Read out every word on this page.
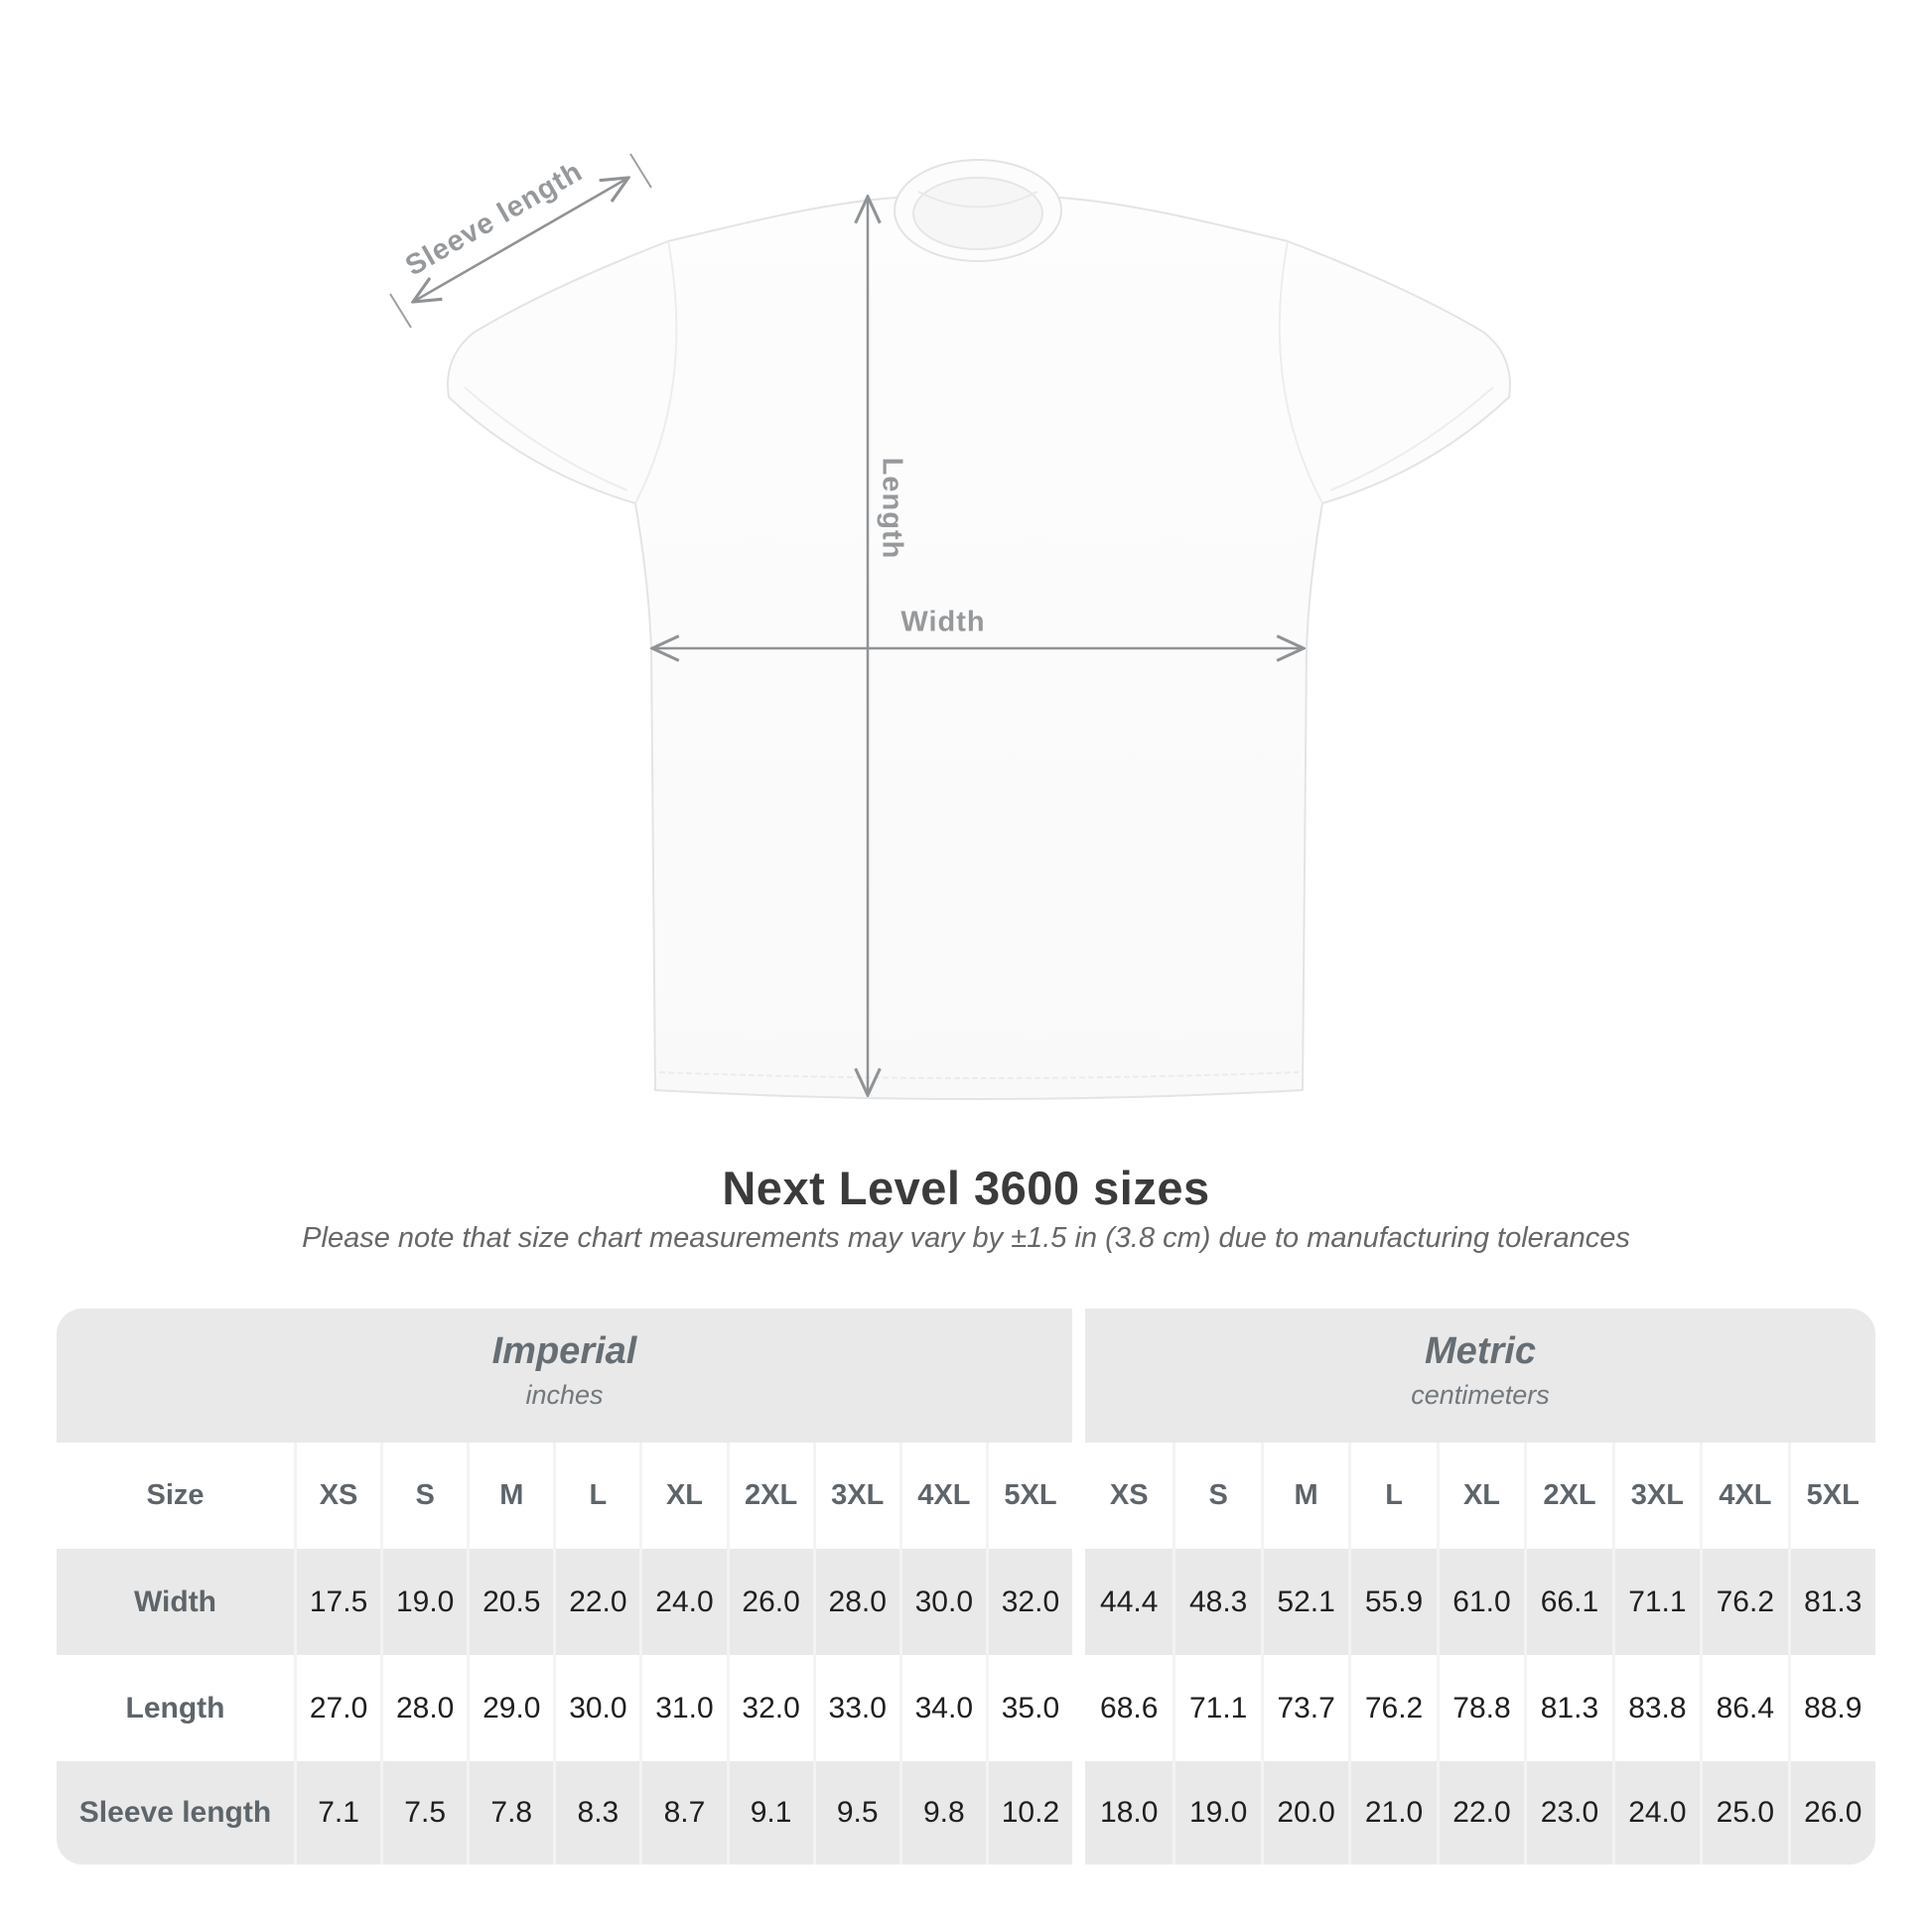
Sleeve length
Length
Width
Next Level 3600 sizes
Please note that size chart measurements may vary by ±1.5 in (3.8 cm) due to manufacturing tolerances
Imperial
inches
Size	XS	S	M	L	XL	2XL	3XL	4XL	5XL
Width	17.5 19.0 20.5 22.0 24.0 26.0 28.0 30.0 32.0
Length	27.0 28.0 29.0 30.0 31.0 32.0 33.0 34.0 35.0
Sleeve length	7.1	7.5	7.8	8.3	8.7	9.1	9.5	9.8	10.2
Metric
centimeters
XS	S	M	L	XL	2XL	3XL	4XL	5XL
44.4	48.3	52.1	55.9	61.0	66.1	71.1	76.2	81.3
68.6	71.1	73.7	76.2	78.8	81.3	83.8	86.4	88.9
18.0	19.0	20.0	21.0	22.0	23.0	24.0	25.0	26.0
